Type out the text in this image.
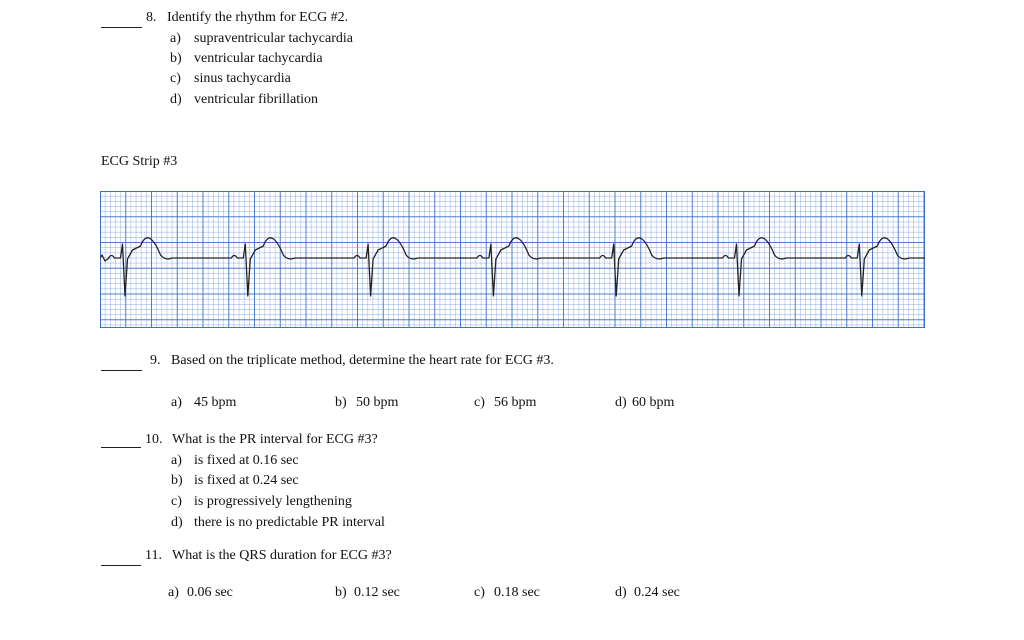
8. Identify the rhythm for ECG #2.
a) supraventricular tachycardia
b) ventricular tachycardia
c) sinus tachycardia
d) ventricular fibrillation
ECG Strip #3
9. Based on the triplicate method, determine the heart rate for ECG #3.
a) 45 bpm	b) 50 bpm	c) 56 bpm	d) 60 bpm
10. What is the PR interval for ECG #3?
a) is fixed at 0.16 sec
b) is fixed at 0.24 sec
c) is progressively lengthening
d) there is no predictable PR interval
11. What is the QRS duration for ECG #3?
a) 0.06 sec	b) 0.12 sec	c) 0.18 sec	d) 0.24 sec
